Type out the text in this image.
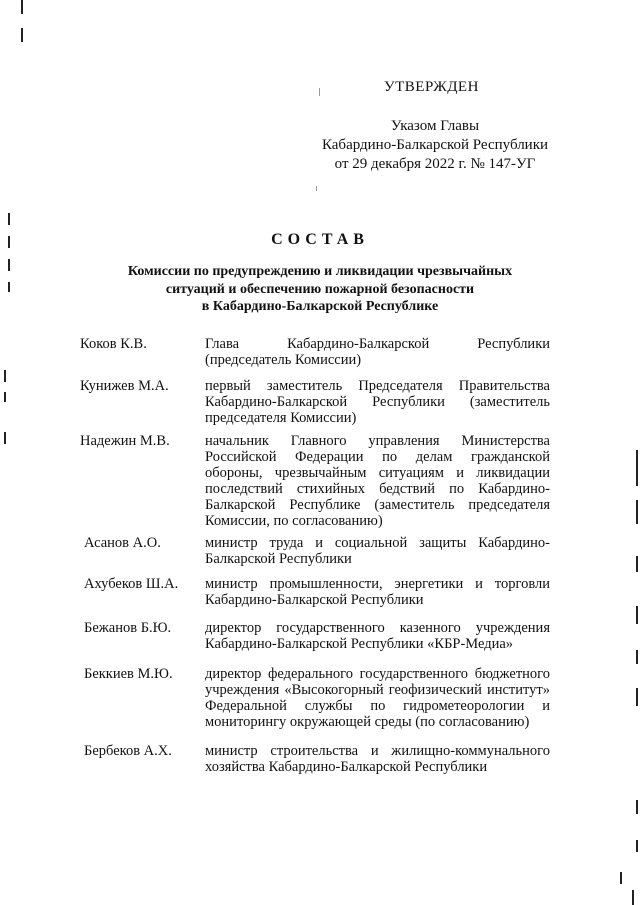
УТВЕРЖДЕН
Указом Главы
Кабардино-Балкарской Республики
от 29 декабря 2022 г. № 147-УГ
СОСТАВ
Комиссии по предупреждению и ликвидации чрезвычайных
ситуаций и обеспечению пожарной безопасности
в Кабардино-Балкарской Республике
Коков К.В.	Глава Кабардино-Балкарской Республики (председатель Комиссии)
Кунижев М.А.	первый заместитель Председателя Правительства Кабардино-Балкарской Республики (заместитель председателя Комиссии)
Надежин М.В. начальник Главного управления Министерства Российской Федерации по делам гражданской обороны, чрезвычайным ситуациям и ликвидации последствий стихийных бедствий по Кабардино-Балкарской Республике (заместитель председателя Комиссии, по согласованию)
Асанов А.О.	министр труда и социальной защиты Кабардино-Балкарской Республики
Ахубеков Ш.А. министр промышленности, энергетики и торговли Кабардино-Балкарской Республики
Бежанов Б.Ю. директор государственного казенного учреждения Кабардино-Балкарской Республики «КБР-Медиа»
Беккиев М.Ю. директор федерального государственного бюджетного учреждения «Высокогорный геофизический институт» Федеральной службы по гидрометеорологии и мониторингу окружающей среды (по согласованию)
Бербеков А.Х. министр строительства и жилищно-коммунального хозяйства Кабардино-Балкарской Республики
